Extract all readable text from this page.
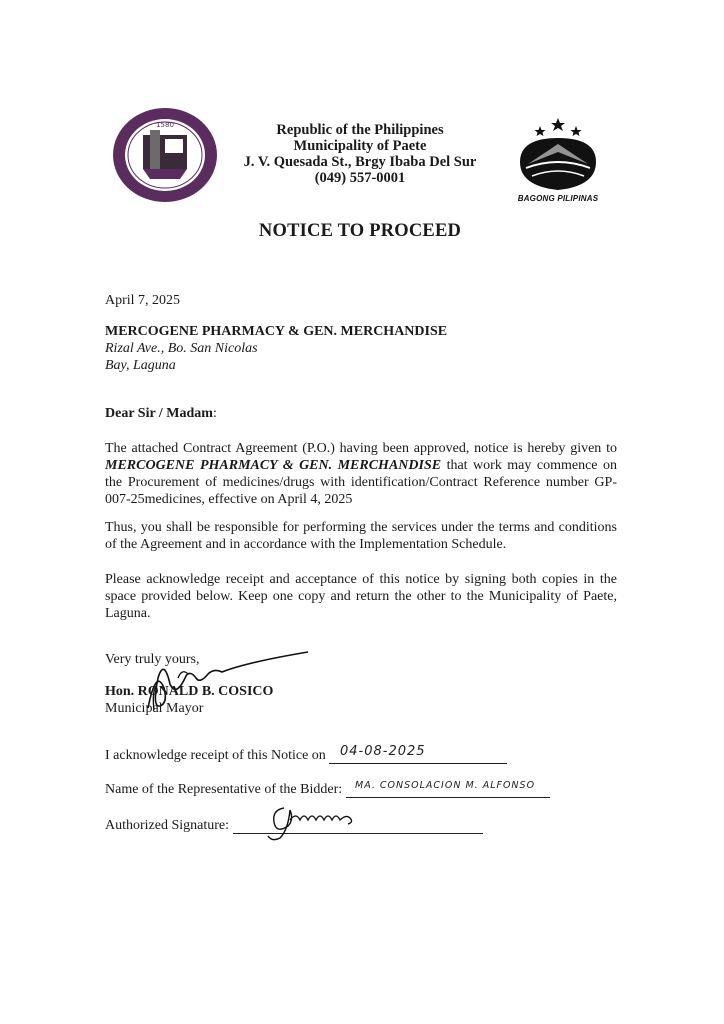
1580	Republic of the Philippines
Municipality of Paete
J. V. Quesada St., Brgy Ibaba Del Sur
(049) 557-0001
BAGONG PILIPINAS
NOTICE TO PROCEED
April 7, 2025
MERCOGENE PHARMACY & GEN. MERCHANDISE
Rizal Ave., Bo. San Nicolas
Bay, Laguna
Dear Sir / Madam:
The attached Contract Agreement (P.O.) having been approved, notice is hereby given to MERCOGENE PHARMACY & GEN. MERCHANDISE that work may commence on the Procurement of medicines/drugs with identification/Contract Reference number GP-007-25medicines, effective on April 4, 2025
Thus, you shall be responsible for performing the services under the terms and conditions of the Agreement and in accordance with the Implementation Schedule.
Please acknowledge receipt and acceptance of this notice by signing both copies in the space provided below. Keep one copy and return the other to the Municipality of Paete, Laguna.
Very truly yours,
Hon. RONALD B. COSICO
Municipal Mayor
I acknowledge receipt of this Notice on	04-08-2025
Name of the Representative of the Bidder:	MA. CONSOLACION M. ALFONSO
Authorized Signature:
